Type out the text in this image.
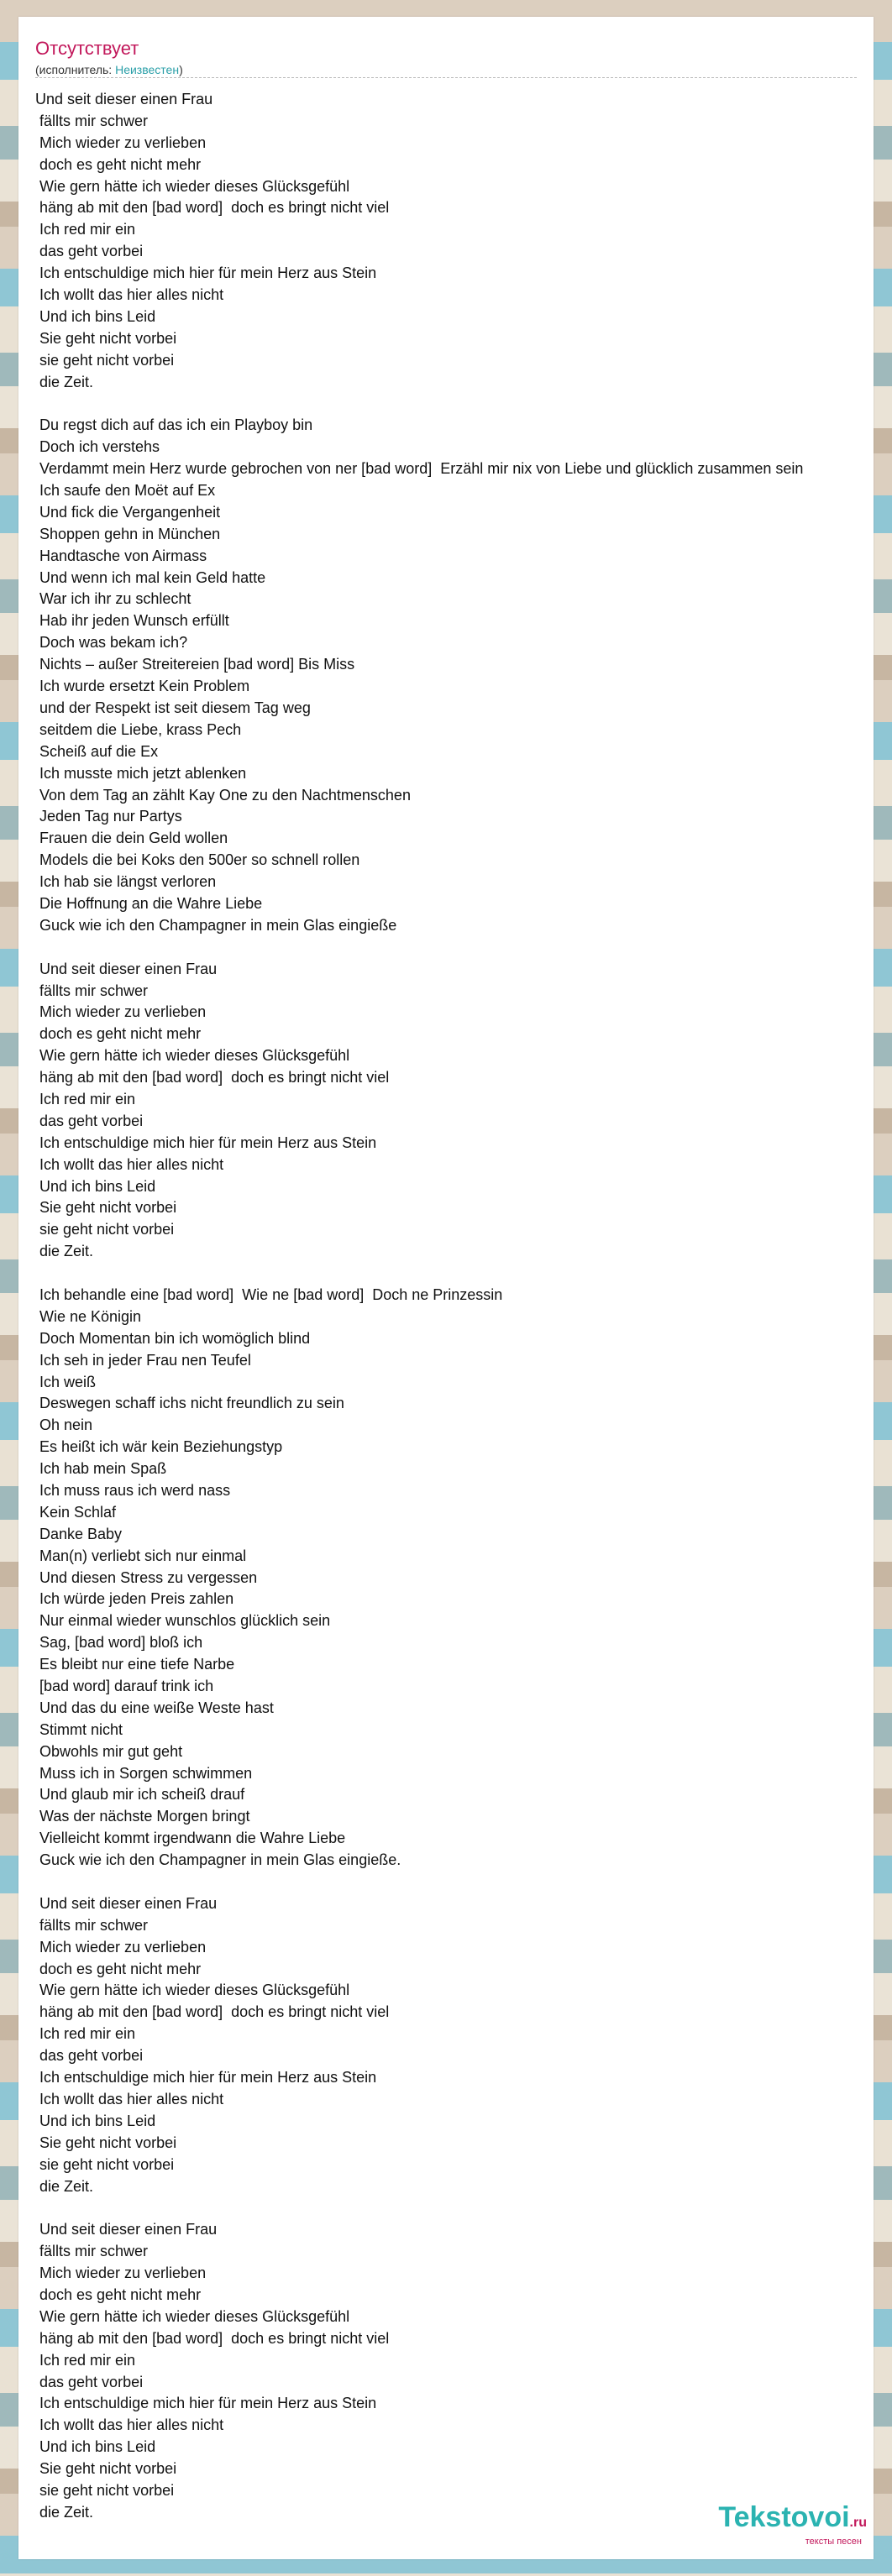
Отсутствует
(исполнитель: Неизвестен)
Und seit dieser einen Frau
fällts mir schwer
Mich wieder zu verlieben
doch es geht nicht mehr
Wie gern hätte ich wieder dieses Glücksgefühl
häng ab mit den [bad word]  doch es bringt nicht viel
Ich red mir ein
das geht vorbei
Ich entschuldige mich hier für mein Herz aus Stein
Ich wollt das hier alles nicht
Und ich bins Leid
Sie geht nicht vorbei
sie geht nicht vorbei
die Zeit.
Du regst dich auf das ich ein Playboy bin
Doch ich verstehs
Verdammt mein Herz wurde gebrochen von ner [bad word]  Erzähl mir nix von Liebe und glücklich zusammen sein
Ich saufe den Moët auf Ex
Und fick die Vergangenheit
Shoppen gehn in München
Handtasche von Airmass
Und wenn ich mal kein Geld hatte
War ich ihr zu schlecht
Hab ihr jeden Wunsch erfüllt
Doch was bekam ich?
Nichts – außer Streitereien [bad word] Bis Miss
Ich wurde ersetzt Kein Problem
und der Respekt ist seit diesem Tag weg
seitdem die Liebe, krass Pech
Scheiß auf die Ex
Ich musste mich jetzt ablenken
Von dem Tag an zählt Kay One zu den Nachtmenschen
Jeden Tag nur Partys
Frauen die dein Geld wollen
Models die bei Koks den 500er so schnell rollen
Ich hab sie längst verloren
Die Hoffnung an die Wahre Liebe
Guck wie ich den Champagner in mein Glas eingieße
Und seit dieser einen Frau
fällts mir schwer
Mich wieder zu verlieben
doch es geht nicht mehr
Wie gern hätte ich wieder dieses Glücksgefühl
häng ab mit den [bad word]  doch es bringt nicht viel
Ich red mir ein
das geht vorbei
Ich entschuldige mich hier für mein Herz aus Stein
Ich wollt das hier alles nicht
Und ich bins Leid
Sie geht nicht vorbei
sie geht nicht vorbei
die Zeit.
Ich behandle eine [bad word]  Wie ne [bad word]  Doch ne Prinzessin
Wie ne Königin
Doch Momentan bin ich womöglich blind
Ich seh in jeder Frau nen Teufel
Ich weiß
Deswegen schaff ichs nicht freundlich zu sein
Oh nein
Es heißt ich wär kein Beziehungstyp
Ich hab mein Spaß
Ich muss raus ich werd nass
Kein Schlaf
Danke Baby
Man(n) verliebt sich nur einmal
Und diesen Stress zu vergessen
Ich würde jeden Preis zahlen
Nur einmal wieder wunschlos glücklich sein
Sag, [bad word] bloß ich
Es bleibt nur eine tiefe Narbe
[bad word] darauf trink ich
Und das du eine weiße Weste hast
Stimmt nicht
Obwohls mir gut geht
Muss ich in Sorgen schwimmen
Und glaub mir ich scheiß drauf
Was der nächste Morgen bringt
Vielleicht kommt irgendwann die Wahre Liebe
Guck wie ich den Champagner in mein Glas eingieße.
Und seit dieser einen Frau
fällts mir schwer
Mich wieder zu verlieben
doch es geht nicht mehr
Wie gern hätte ich wieder dieses Glücksgefühl
häng ab mit den [bad word]  doch es bringt nicht viel
Ich red mir ein
das geht vorbei
Ich entschuldige mich hier für mein Herz aus Stein
Ich wollt das hier alles nicht
Und ich bins Leid
Sie geht nicht vorbei
sie geht nicht vorbei
die Zeit.
Und seit dieser einen Frau
fällts mir schwer
Mich wieder zu verlieben
doch es geht nicht mehr
Wie gern hätte ich wieder dieses Glücksgefühl
häng ab mit den [bad word]  doch es bringt nicht viel
Ich red mir ein
das geht vorbei
Ich entschuldige mich hier für mein Herz aus Stein
Ich wollt das hier alles nicht
Und ich bins Leid
Sie geht nicht vorbei
sie geht nicht vorbei
die Zeit.	Tekstovoi.ru
тексты песен
